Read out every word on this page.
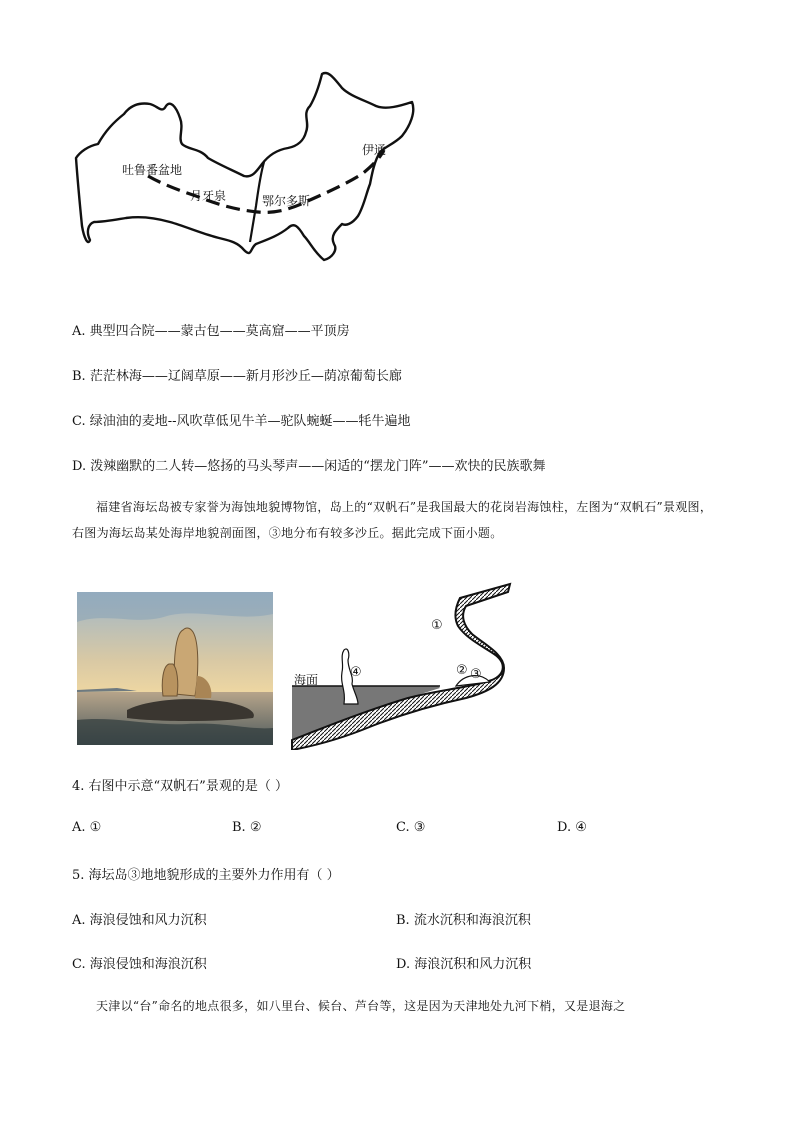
吐鲁番盆地
月牙泉	鄂尔多斯
伊通
A. 典型四合院——蒙古包——莫高窟——平顶房
B. 茫茫林海——辽阔草原——新月形沙丘—荫凉葡萄长廊
C. 绿油油的麦地--风吹草低见牛羊—驼队蜿蜒——牦牛遍地
D. 泼辣幽默的二人转—悠扬的马头琴声——闲适的“摆龙门阵”——欢快的民族歌舞
福建省海坛岛被专家誉为海蚀地貌博物馆，岛上的“双帆石”是我国最大的花岗岩海蚀柱，左图为“双帆石”景观图，右图为海坛岛某处海岸地貌剖面图，③地分布有较多沙丘。据此完成下面小题。
海面
①
② ③
④
4. 右图中示意“双帆石”景观的是（ ）
A. ①	B. ②	C. ③	D. ④
5. 海坛岛③地地貌形成的主要外力作用有（ ）
A. 海浪侵蚀和风力沉积	B. 流水沉积和海浪沉积
C. 海浪侵蚀和海浪沉积	D. 海浪沉积和风力沉积
天津以“台”命名的地点很多，如八里台、候台、芦台等，这是因为天津地处九河下梢，又是退海之
